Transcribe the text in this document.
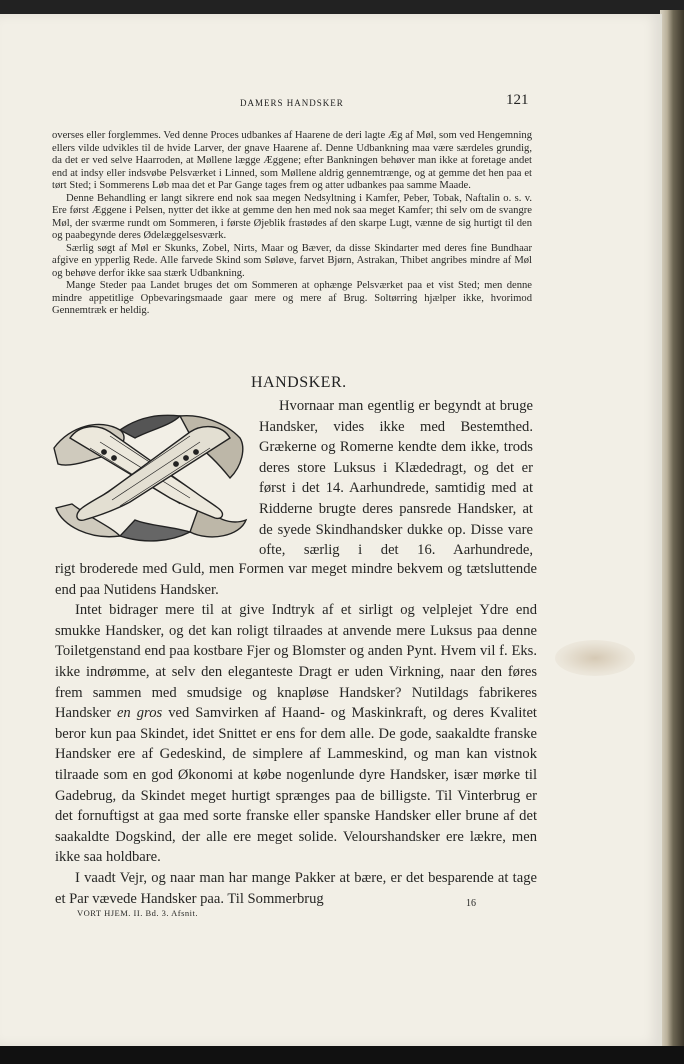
DAMERS HANDSKER	121

overses eller forglemmes. Ved denne Proces udbankes af Haarene de deri lagte Æg af Møl, som ved Hengemning ellers vilde udvikles til de hvide Larver, der gnave Haarene af. Denne Udbankning maa være særdeles grundig, da det er ved selve Haarroden, at Møllene lægge Æggene; efter Bankningen behøver man ikke at foretage andet end at indsy eller indsvøbe Pelsværket i Linned, som Møllene aldrig gennemtrænge, og at gemme det hen paa et tørt Sted; i Sommerens Løb maa det et Par Gange tages frem og atter udbankes paa samme Maade.

Denne Behandling er langt sikrere end nok saa megen Nedsyltning i Kamfer, Peber, Tobak, Naftalin o. s. v. Ere først Æggene i Pelsen, nytter det ikke at gemme den hen med nok saa meget Kamfer; thi selv om de svangre Møl, der sværme rundt om Sommeren, i første Øjeblik frastødes af den skarpe Lugt, vænne de sig hurtigt til den og paabegynde deres Ødelæggelsesværk.

Særlig søgt af Møl er Skunks, Zobel, Nirts, Maar og Bæver, da disse Skindarter med deres fine Bundhaar afgive en ypperlig Rede. Alle farvede Skind som Søløve, farvet Bjørn, Astrakan, Thibet angribes mindre af Møl og behøve derfor ikke saa stærk Udbankning.

Mange Steder paa Landet bruges det om Sommeren at ophænge Pelsværket paa et vist Sted; men denne mindre appetitlige Opbevaringsmaade gaar mere og mere af Brug. Soltørring hjælper ikke, hvorimod Gennemtræk er heldig.

HANDSKER.

Hvornaar man egentlig er begyndt at bruge Handsker, vides ikke med Bestemthed. Grækerne og Romerne kendte dem ikke, trods deres store Luksus i Klædedragt, og det er først i det 14. Aarhundrede, samtidig med at Ridderne brugte deres pansrede Handsker, at de syede Skindhandsker dukke op. Disse vare ofte, særlig i det 16. Aarhundrede,

rigt broderede med Guld, men Formen var meget mindre bekvem og tætsluttende end paa Nutidens Handsker.

Intet bidrager mere til at give Indtryk af et sirligt og velplejet Ydre end smukke Handsker, og det kan roligt tilraades at anvende mere Luksus paa denne Toiletgenstand end paa kostbare Fjer og Blomster og anden Pynt. Hvem vil f. Eks. ikke indrømme, at selv den eleganteste Dragt er uden Virkning, naar den føres frem sammen med smudsige og knapløse Handsker? Nutildags fabrikeres Handsker en gros ved Samvirken af Haand- og Maskinkraft, og deres Kvalitet beror kun paa Skindet, idet Snittet er ens for dem alle. De gode, saakaldte franske Handsker ere af Gedeskind, de simplere af Lammeskind, og man kan vistnok tilraade som en god Økonomi at købe nogenlunde dyre Handsker, især mørke til Gadebrug, da Skindet meget hurtigt sprænges paa de billigste. Til Vinterbrug er det fornuftigst at gaa med sorte franske eller spanske Handsker eller brune af det saakaldte Dogskind, der alle ere meget solide. Veloursha​ndsker ere lækre, men ikke saa holdbare.

I vaadt Vejr, og naar man har mange Pakker at bære, er det besparende at tage et Par vævede Handsker paa. Til Sommerbrug

VORT HJEM. II. Bd. 3. Afsnit.
16
